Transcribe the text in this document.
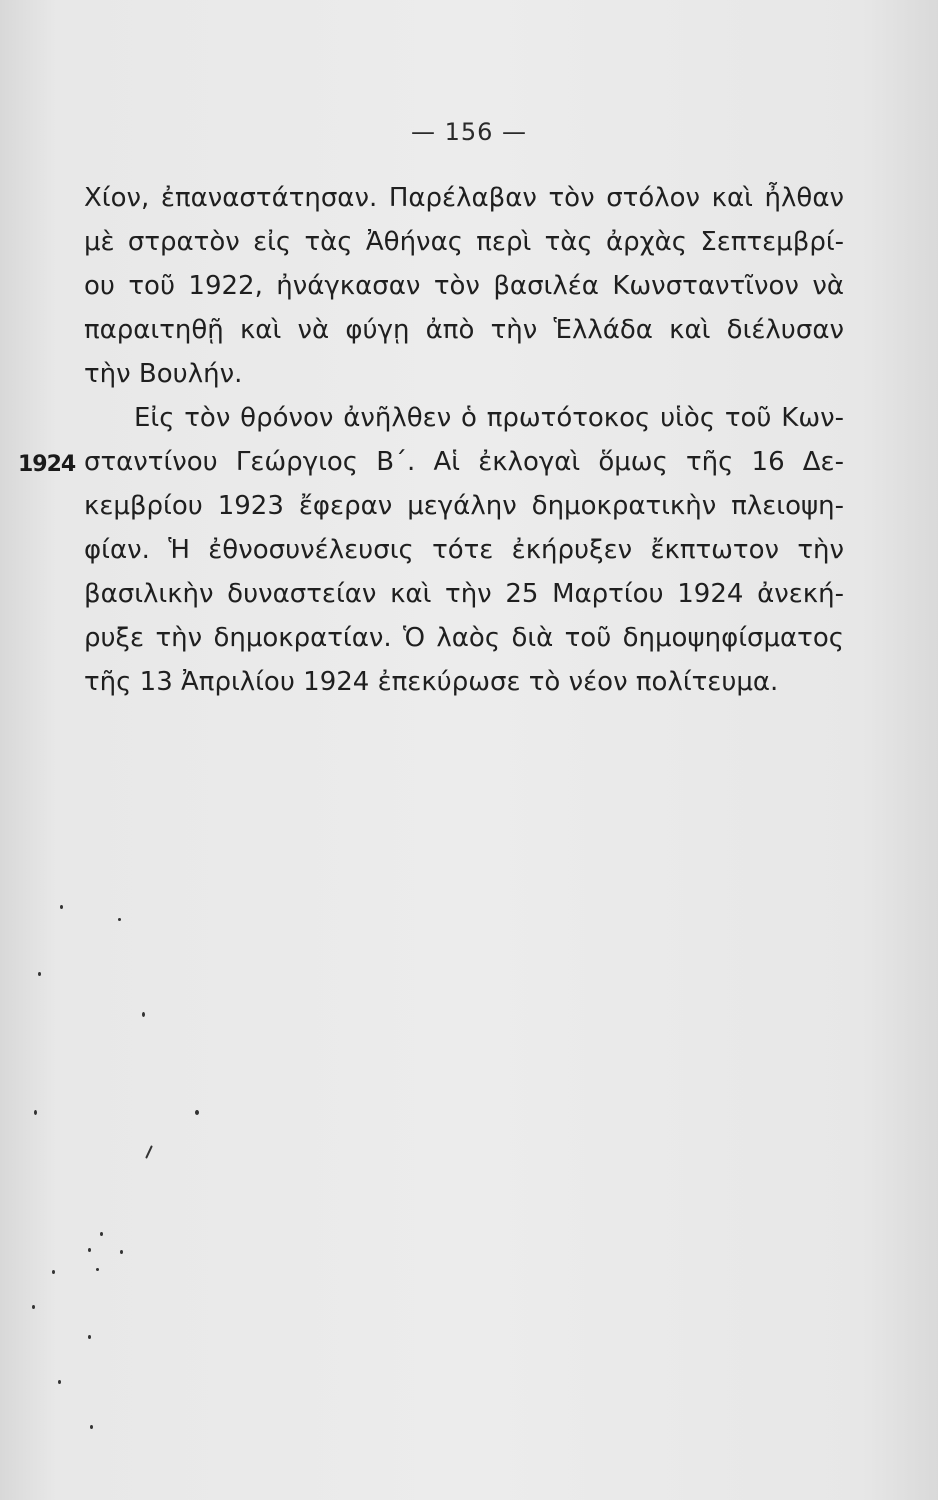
— 156 —
1924
Χίον, ἐπαναστάτησαν. Παρέλαβαν τὸν στόλον καὶ ἦλθαν
μὲ στρατὸν εἰς τὰς Ἀθήνας περὶ τὰς ἀρχὰς Σεπτεμβρί-
ου τοῦ 1922, ἠνάγκασαν τὸν βασιλέα Κωνσταντῖνον νὰ
παραιτηθῇ καὶ νὰ φύγῃ ἀπὸ τὴν Ἑλλάδα καὶ διέλυσαν
τὴν Βουλήν.
Εἰς τὸν θρόνον ἀνῆλθεν ὁ πρωτότοκος υἱὸς τοῦ Κων-
σταντίνου Γεώργιος Β΄. Αἱ ἐκλογαὶ ὅμως τῆς 16 Δε-
κεμβρίου 1923 ἔφεραν μεγάλην δημοκρατικὴν πλειοψη-
φίαν. Ἡ ἐθνοσυνέλευσις τότε ἐκήρυξεν ἔκπτωτον τὴν
βασιλικὴν δυναστείαν καὶ τὴν 25 Μαρτίου 1924 ἀνεκή-
ρυξε τὴν δημοκρατίαν. Ὁ λαὸς διὰ τοῦ δημοψηφίσματος
τῆς 13 Ἀπριλίου 1924 ἐπεκύρωσε τὸ νέον πολίτευμα.
